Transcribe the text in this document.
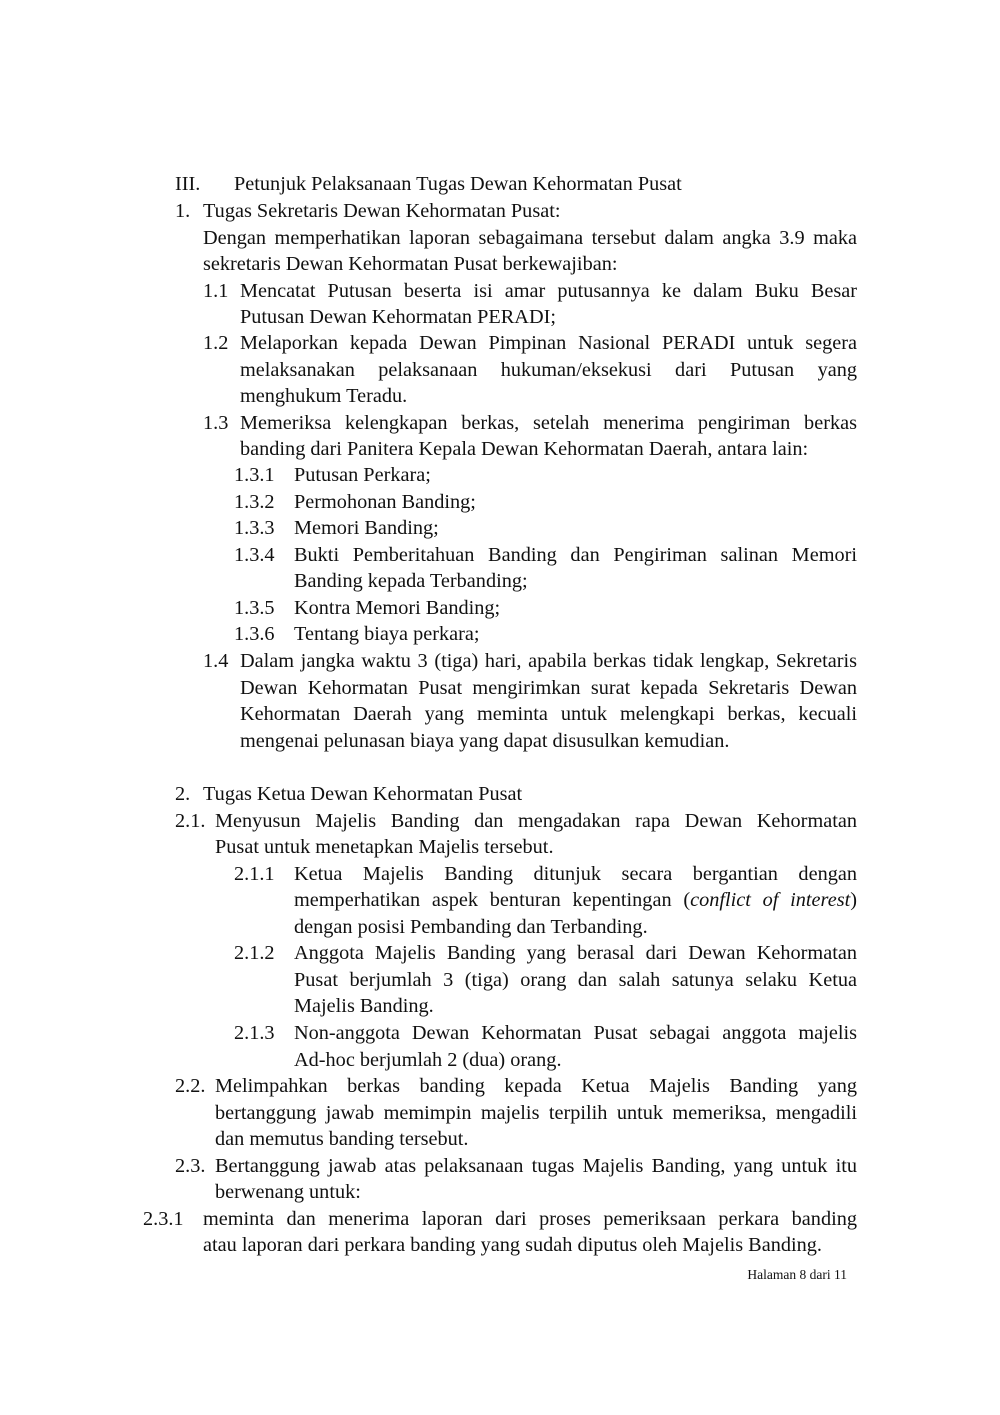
III. Petunjuk Pelaksanaan Tugas Dewan Kehormatan Pusat
1. Tugas Sekretaris Dewan Kehormatan Pusat:
Dengan memperhatikan laporan sebagaimana tersebut dalam angka 3.9 maka
sekretaris Dewan Kehormatan Pusat berkewajiban:
1.1 Mencatat Putusan beserta isi amar putusannya ke dalam Buku Besar
Putusan Dewan Kehormatan PERADI;
1.2 Melaporkan kepada Dewan Pimpinan Nasional PERADI untuk segera
melaksanakan pelaksanaan hukuman/eksekusi dari Putusan yang
menghukum Teradu.
1.3 Memeriksa kelengkapan berkas, setelah menerima pengiriman berkas
banding dari Panitera Kepala Dewan Kehormatan Daerah, antara lain:
1.3.1 Putusan Perkara;
1.3.2 Permohonan Banding;
1.3.3 Memori Banding;
1.3.4 Bukti Pemberitahuan Banding dan Pengiriman salinan Memori
Banding kepada Terbanding;
1.3.5 Kontra Memori Banding;
1.3.6 Tentang biaya perkara;
1.4 Dalam jangka waktu 3 (tiga) hari, apabila berkas tidak lengkap, Sekretaris
Dewan Kehormatan Pusat mengirimkan surat kepada Sekretaris Dewan
Kehormatan Daerah yang meminta untuk melengkapi berkas, kecuali
mengenai pelunasan biaya yang dapat disusulkan kemudian.
2. Tugas Ketua Dewan Kehormatan Pusat
2.1. Menyusun Majelis Banding dan mengadakan rapa Dewan Kehormatan
Pusat untuk menetapkan Majelis tersebut.
2.1.1 Ketua Majelis Banding ditunjuk secara bergantian dengan
memperhatikan aspek benturan kepentingan (conflict of interest)
dengan posisi Pembanding dan Terbanding.
2.1.2 Anggota Majelis Banding yang berasal dari Dewan Kehormatan
Pusat berjumlah 3 (tiga) orang dan salah satunya selaku Ketua
Majelis Banding.
2.1.3 Non-anggota Dewan Kehormatan Pusat sebagai anggota majelis
Ad-hoc berjumlah 2 (dua) orang.
2.2. Melimpahkan berkas banding kepada Ketua Majelis Banding yang
bertanggung jawab memimpin majelis terpilih untuk memeriksa, mengadili
dan memutus banding tersebut.
2.3. Bertanggung jawab atas pelaksanaan tugas Majelis Banding, yang untuk itu
berwenang untuk:
2.3.1 meminta dan menerima laporan dari proses pemeriksaan perkara banding
atau laporan dari perkara banding yang sudah diputus oleh Majelis Banding.
Halaman 8 dari 11
